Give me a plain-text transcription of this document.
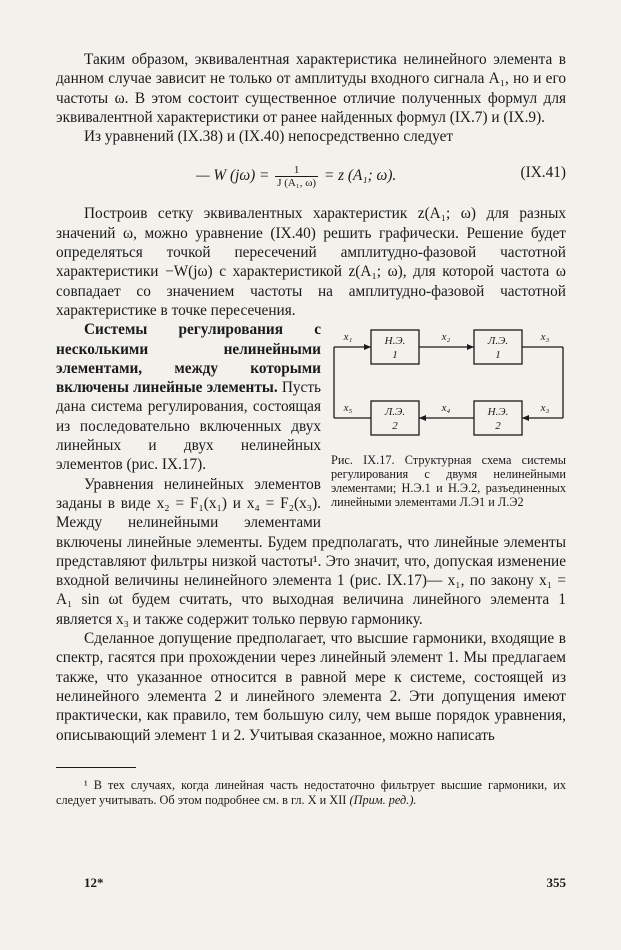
Таким образом, эквивалентная характеристика нелинейного элемента в данном случае зависит не только от амплитуды входного сигнала A₁, но и его частоты ω. В этом состоит существенное отличие полученных формул для эквивалентной характеристики от ранее найденных формул (IX.7) и (IX.9).

Из уравнений (IX.38) и (IX.40) непосредственно следует

— W $(j\omega) = \frac{1}{\text{J (A₁, ω)}} = z$ (A₁; ω).	(IX.41)

Построив сетку эквивалентных характеристик z(A₁; ω) для разных значений ω, можно уравнение (IX.40) решить графически. Решение будет определяться точкой пересечений амплитудно-фазовой частотной характеристики −W(jω) с характеристикой z(A₁; ω), для которой частота ω совпадает со значением частоты на амплитудно-фазовой частотной характеристике в точке пересечения.

Н.Э.
1
Л.Э.
1
Л.Э.
2
Н.Э.
2
x₁	x₂	x₃
x₄
x₅	x₃
Рис. IX.17. Структурная схема системы регулирования с двумя нелинейными элементами; Н.Э.1 и Н.Э.2, разъединенных линейными элементами Л.Э1 и Л.Э2

Системы регулирования с несколькими нелинейными элементами, между которыми включены линейные элементы. Пусть дана система регулирования, состоящая из последовательно включенных двух линейных и двух нелинейных элементов (рис. IX.17).

Уравнения нелинейных элементов заданы в виде x₂ = F₁(x₁) и x₄ = F₂(x₃). Между нелинейными элементами включены линейные элементы. Будем предполагать, что линейные элементы представляют фильтры низкой частоты¹. Это значит, что, допуская изменение входной величины нелинейного элемента 1 (рис. IX.17)— x₁, по закону x₁ = A₁ sin ωt будем считать, что выходная величина линейного элемента 1 является x₃ и также содержит только первую гармонику.

Сделанное допущение предполагает, что высшие гармоники, входящие в спектр, гасятся при прохождении через линейный элемент 1. Мы предлагаем также, что указанное относится в равной мере к системе, состоящей из нелинейного элемента 2 и линейного элемента 2. Эти допущения имеют практически, как правило, тем большую силу, чем выше порядок уравнения, описывающий элемент 1 и 2. Учитывая сказанное, можно написать

¹ В тех случаях, когда линейная часть недостаточно фильтрует высшие гармоники, их следует учитывать. Об этом подробнее см. в гл. X и XII (Прим. ред.).

12*	355
